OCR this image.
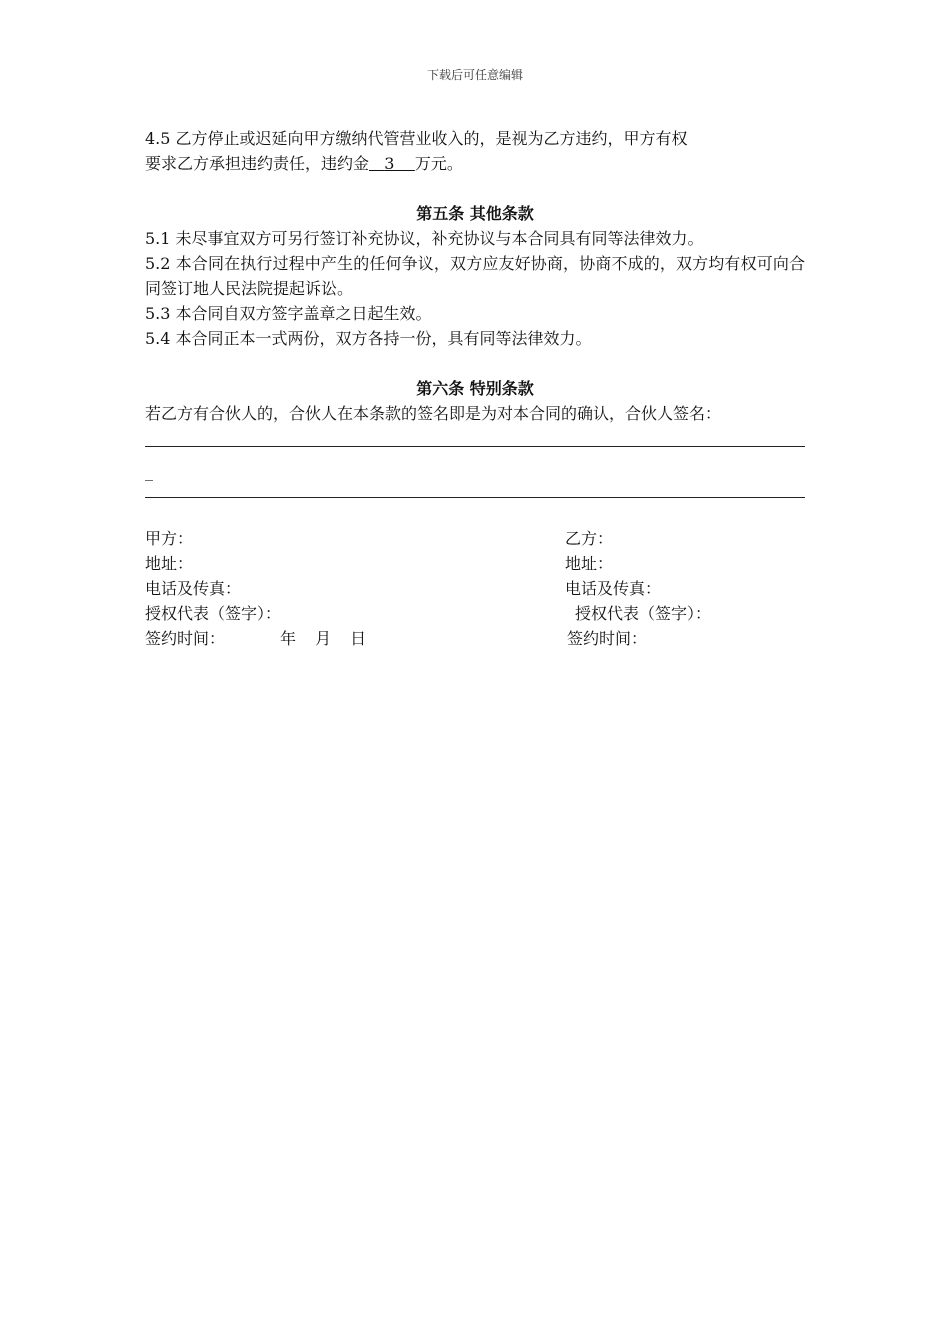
下载后可任意编辑

4.5 乙方停止或迟延向甲方缴纳代管营业收入的，是视为乙方违约，甲方有权

要求乙方承担违约责任，违约金 3 万元。

第五条 其他条款

5.1 未尽事宜双方可另行签订补充协议，补充协议与本合同具有同等法律效力。

5.2 本合同在执行过程中产生的任何争议，双方应友好协商，协商不成的，双方均有权可向合同签订地人民法院提起诉讼。

5.3 本合同自双方签字盖章之日起生效。

5.4 本合同正本一式两份，双方各持一份，具有同等法律效力。

第六条 特别条款

若乙方有合伙人的，合伙人在本条款的签名即是为对本合同的确认，合伙人签名：

_
甲方：	乙方：
地址：	地址：
电话及传真：	电话及传真：
授权代表（签字）：	授权代表（签字）：
签约时间：	年 月 日	签约时间：
